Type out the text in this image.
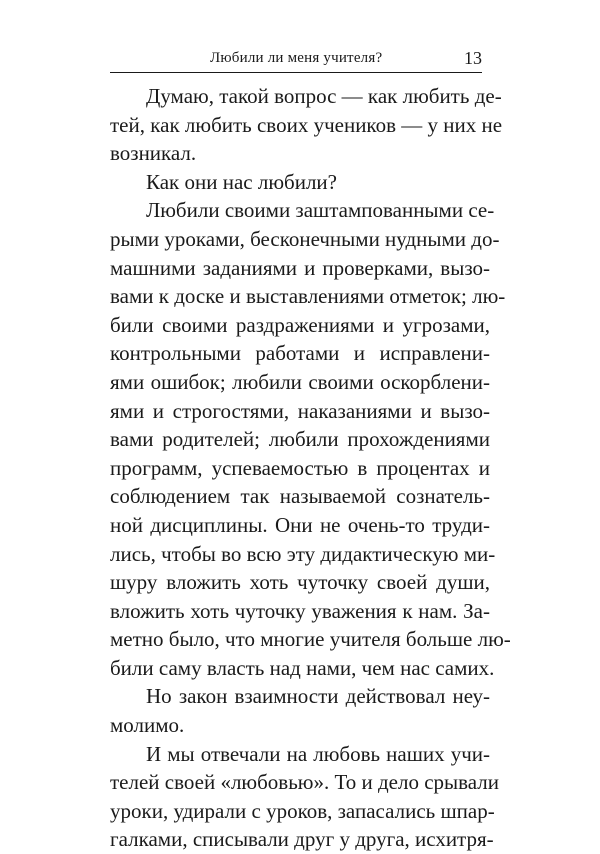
Любили ли меня учителя?	13
Думаю, такой вопрос — как любить де-
тей, как любить своих учеников — у них не
возникал.
Как они нас любили?
Любили своими заштампованными се-
рыми уроками, бесконечными нудными до-
машними заданиями и проверками, вызо-
вами к доске и выставлениями отметок; лю-
били своими раздражениями и угрозами,
контрольными работами и исправлени-
ями ошибок; любили своими оскорблени-
ями и строгостями, наказаниями и вызо-
вами родителей; любили прохождениями
программ, успеваемостью в процентах и
соблюдением так называемой сознатель-
ной дисциплины. Они не очень-то труди-
лись, чтобы во всю эту дидактическую ми-
шуру вложить хоть чуточку своей души,
вложить хоть чуточку уважения к нам. За-
метно было, что многие учителя больше лю-
били саму власть над нами, чем нас самих.
Но закон взаимности действовал неу-
молимо.
И мы отвечали на любовь наших учи-
телей своей «любовью». То и дело срывали
уроки, удирали с уроков, запасались шпар-
галками, списывали друг у друга, исхитря-
